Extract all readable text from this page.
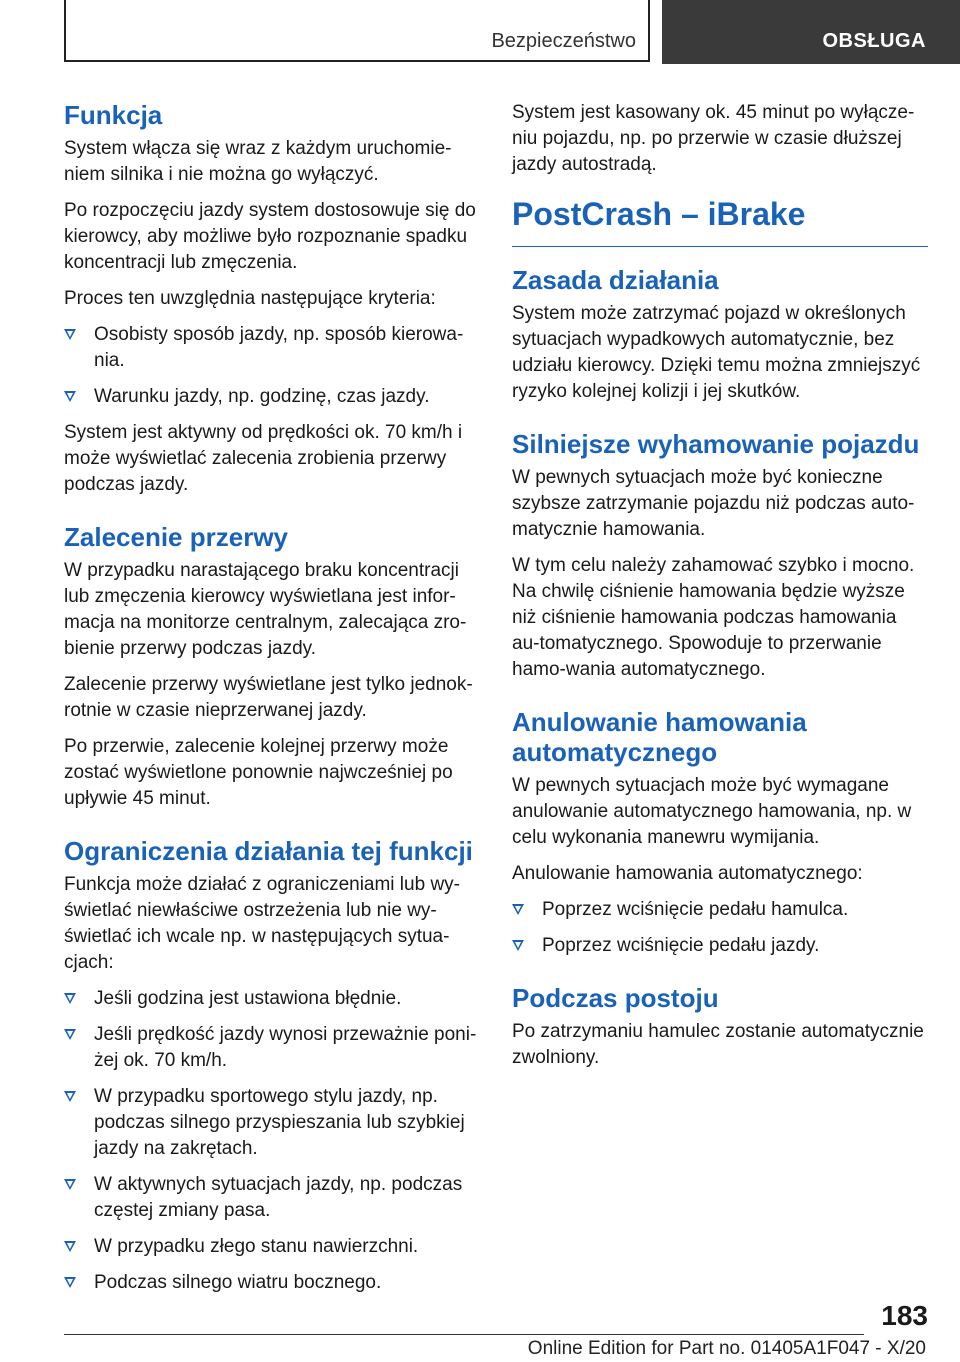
Bezpieczeństwo	OBSŁUGA
Funkcja

System włącza się wraz z każdym uruchomie-niem silnika i nie można go wyłączyć.

Po rozpoczęciu jazdy system dostosowuje się do kierowcy, aby możliwe było rozpoznanie spadku koncentracji lub zmęczenia.

Proces ten uwzględnia następujące kryteria:

Osobisty sposób jazdy, np. sposób kierowa-nia.
Warunku jazdy, np. godzinę, czas jazdy.

System jest aktywny od prędkości ok. 70 km/h i może wyświetlać zalecenia zrobienia przerwy podczas jazdy.

Zalecenie przerwy

W przypadku narastającego braku koncentracji lub zmęczenia kierowcy wyświetlana jest infor-macja na monitorze centralnym, zalecająca zro-bienie przerwy podczas jazdy.

Zalecenie przerwy wyświetlane jest tylko jednok-rotnie w czasie nieprzerwanej jazdy.

Po przerwie, zalecenie kolejnej przerwy może zostać wyświetlone ponownie najwcześniej po upływie 45 minut.

Ograniczenia działania tej funkcji

Funkcja może działać z ograniczeniami lub wy-świetlać niewłaściwe ostrzeżenia lub nie wy-świetlać ich wcale np. w następujących sytua-cjach:

Jeśli godzina jest ustawiona błędnie.
Jeśli prędkość jazdy wynosi przeważnie poni-żej ok. 70 km/h.
W przypadku sportowego stylu jazdy, np. podczas silnego przyspieszania lub szybkiej jazdy na zakrętach.
W aktywnych sytuacjach jazdy, np. podczas częstej zmiany pasa.
W przypadku złego stanu nawierzchni.
Podczas silnego wiatru bocznego.

System jest kasowany ok. 45 minut po wyłącze-niu pojazdu, np. po przerwie w czasie dłuższej jazdy autostradą.

PostCrash – iBrake
Zasada działania

System może zatrzymać pojazd w określonych sytuacjach wypadkowych automatycznie, bez udziału kierowcy. Dzięki temu można zmniejszyć ryzyko kolejnej kolizji i jej skutków.

Silniejsze wyhamowanie pojazdu

W pewnych sytuacjach może być konieczne szybsze zatrzymanie pojazdu niż podczas auto-matycznie hamowania.

W tym celu należy zahamować szybko i mocno. Na chwilę ciśnienie hamowania będzie wyższe niż ciśnienie hamowania podczas hamowania au-tomatycznego. Spowoduje to przerwanie hamo-wania automatycznego.

Anulowanie hamowania automatycznego

W pewnych sytuacjach może być wymagane anulowanie automatycznego hamowania, np. w celu wykonania manewru wymijania.

Anulowanie hamowania automatycznego:

Poprzez wciśnięcie pedału hamulca.
Poprzez wciśnięcie pedału jazdy.
Podczas postoju

Po zatrzymaniu hamulec zostanie automatycznie zwolniony.

183
Online Edition for Part no. 01405A1F047 - X/20
